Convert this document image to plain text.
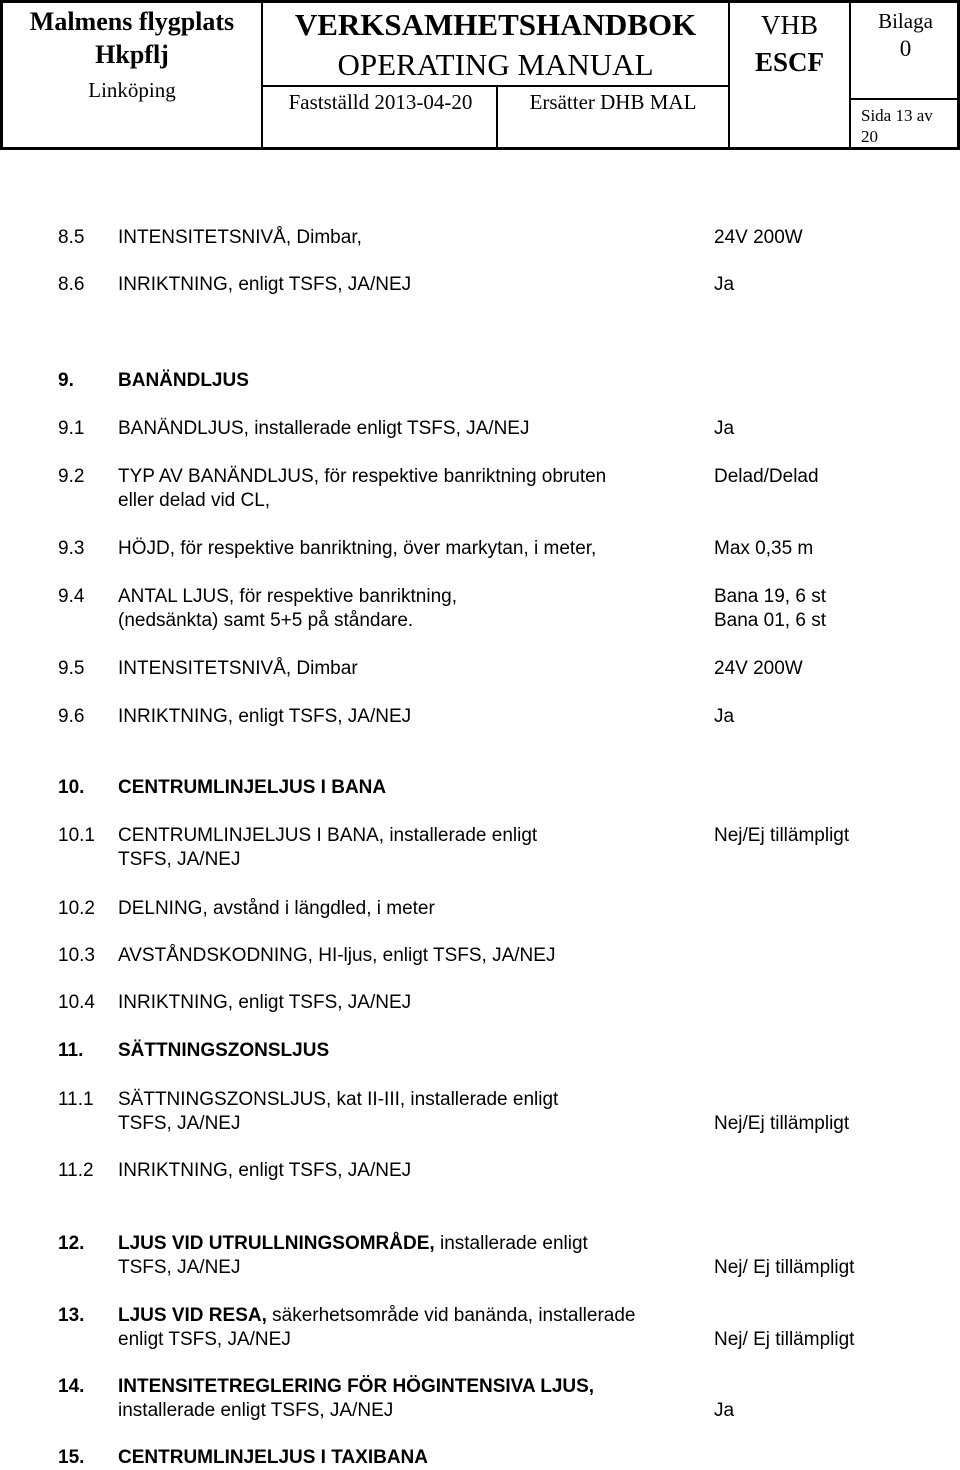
Malmens flygplats
Hkpflj
Linköping
VERKSAMHETSHANDBOK
OPERATING MANUAL
Fastställd 2013-04-20	Ersätter DHB MAL
VHB
ESCF
Bilaga
0
Sida 13 av
20
8.5 INTENSITETSNIVÅ, Dimbar,	24V 200W
8.6 INRIKTNING, enligt TSFS, JA/NEJ	Ja
9. BANÄNDLJUS
9.1 BANÄNDLJUS, installerade enligt TSFS, JA/NEJ	Ja
9.2 TYP AV BANÄNDLJUS, för respektive banriktning obruten	Delad/Delad
eller delad vid CL,
9.3 HÖJD, för respektive banriktning, över markytan, i meter,	Max 0,35 m
9.4 ANTAL LJUS, för respektive banriktning,	Bana 19, 6 st
(nedsänkta) samt 5+5 på ståndare.	Bana 01, 6 st
9.5 INTENSITETSNIVÅ, Dimbar	24V 200W
9.6 INRIKTNING, enligt TSFS, JA/NEJ	Ja
10. CENTRUMLINJELJUS I BANA
10.1 CENTRUMLINJELJUS I BANA, installerade enligt	Nej/Ej tillämpligt
TSFS, JA/NEJ
10.2 DELNING, avstånd i längdled, i meter
10.3 AVSTÅNDSKODNING, HI-ljus, enligt TSFS, JA/NEJ
10.4 INRIKTNING, enligt TSFS, JA/NEJ
11. SÄTTNINGSZONSLJUS
11.1 SÄTTNINGSZONSLJUS, kat II-III, installerade enligt
TSFS, JA/NEJ	Nej/Ej tillämpligt
11.2 INRIKTNING, enligt TSFS, JA/NEJ
12. LJUS VID UTRULLNINGSOMRÅDE, installerade enligt
TSFS, JA/NEJ	Nej/ Ej tillämpligt
13. LJUS VID RESA, säkerhetsområde vid banända, installerade
enligt TSFS, JA/NEJ	Nej/ Ej tillämpligt
14. INTENSITETREGLERING FÖR HÖGINTENSIVA LJUS,
installerade enligt TSFS, JA/NEJ	Ja
15. CENTRUMLINJELJUS I TAXIBANA
